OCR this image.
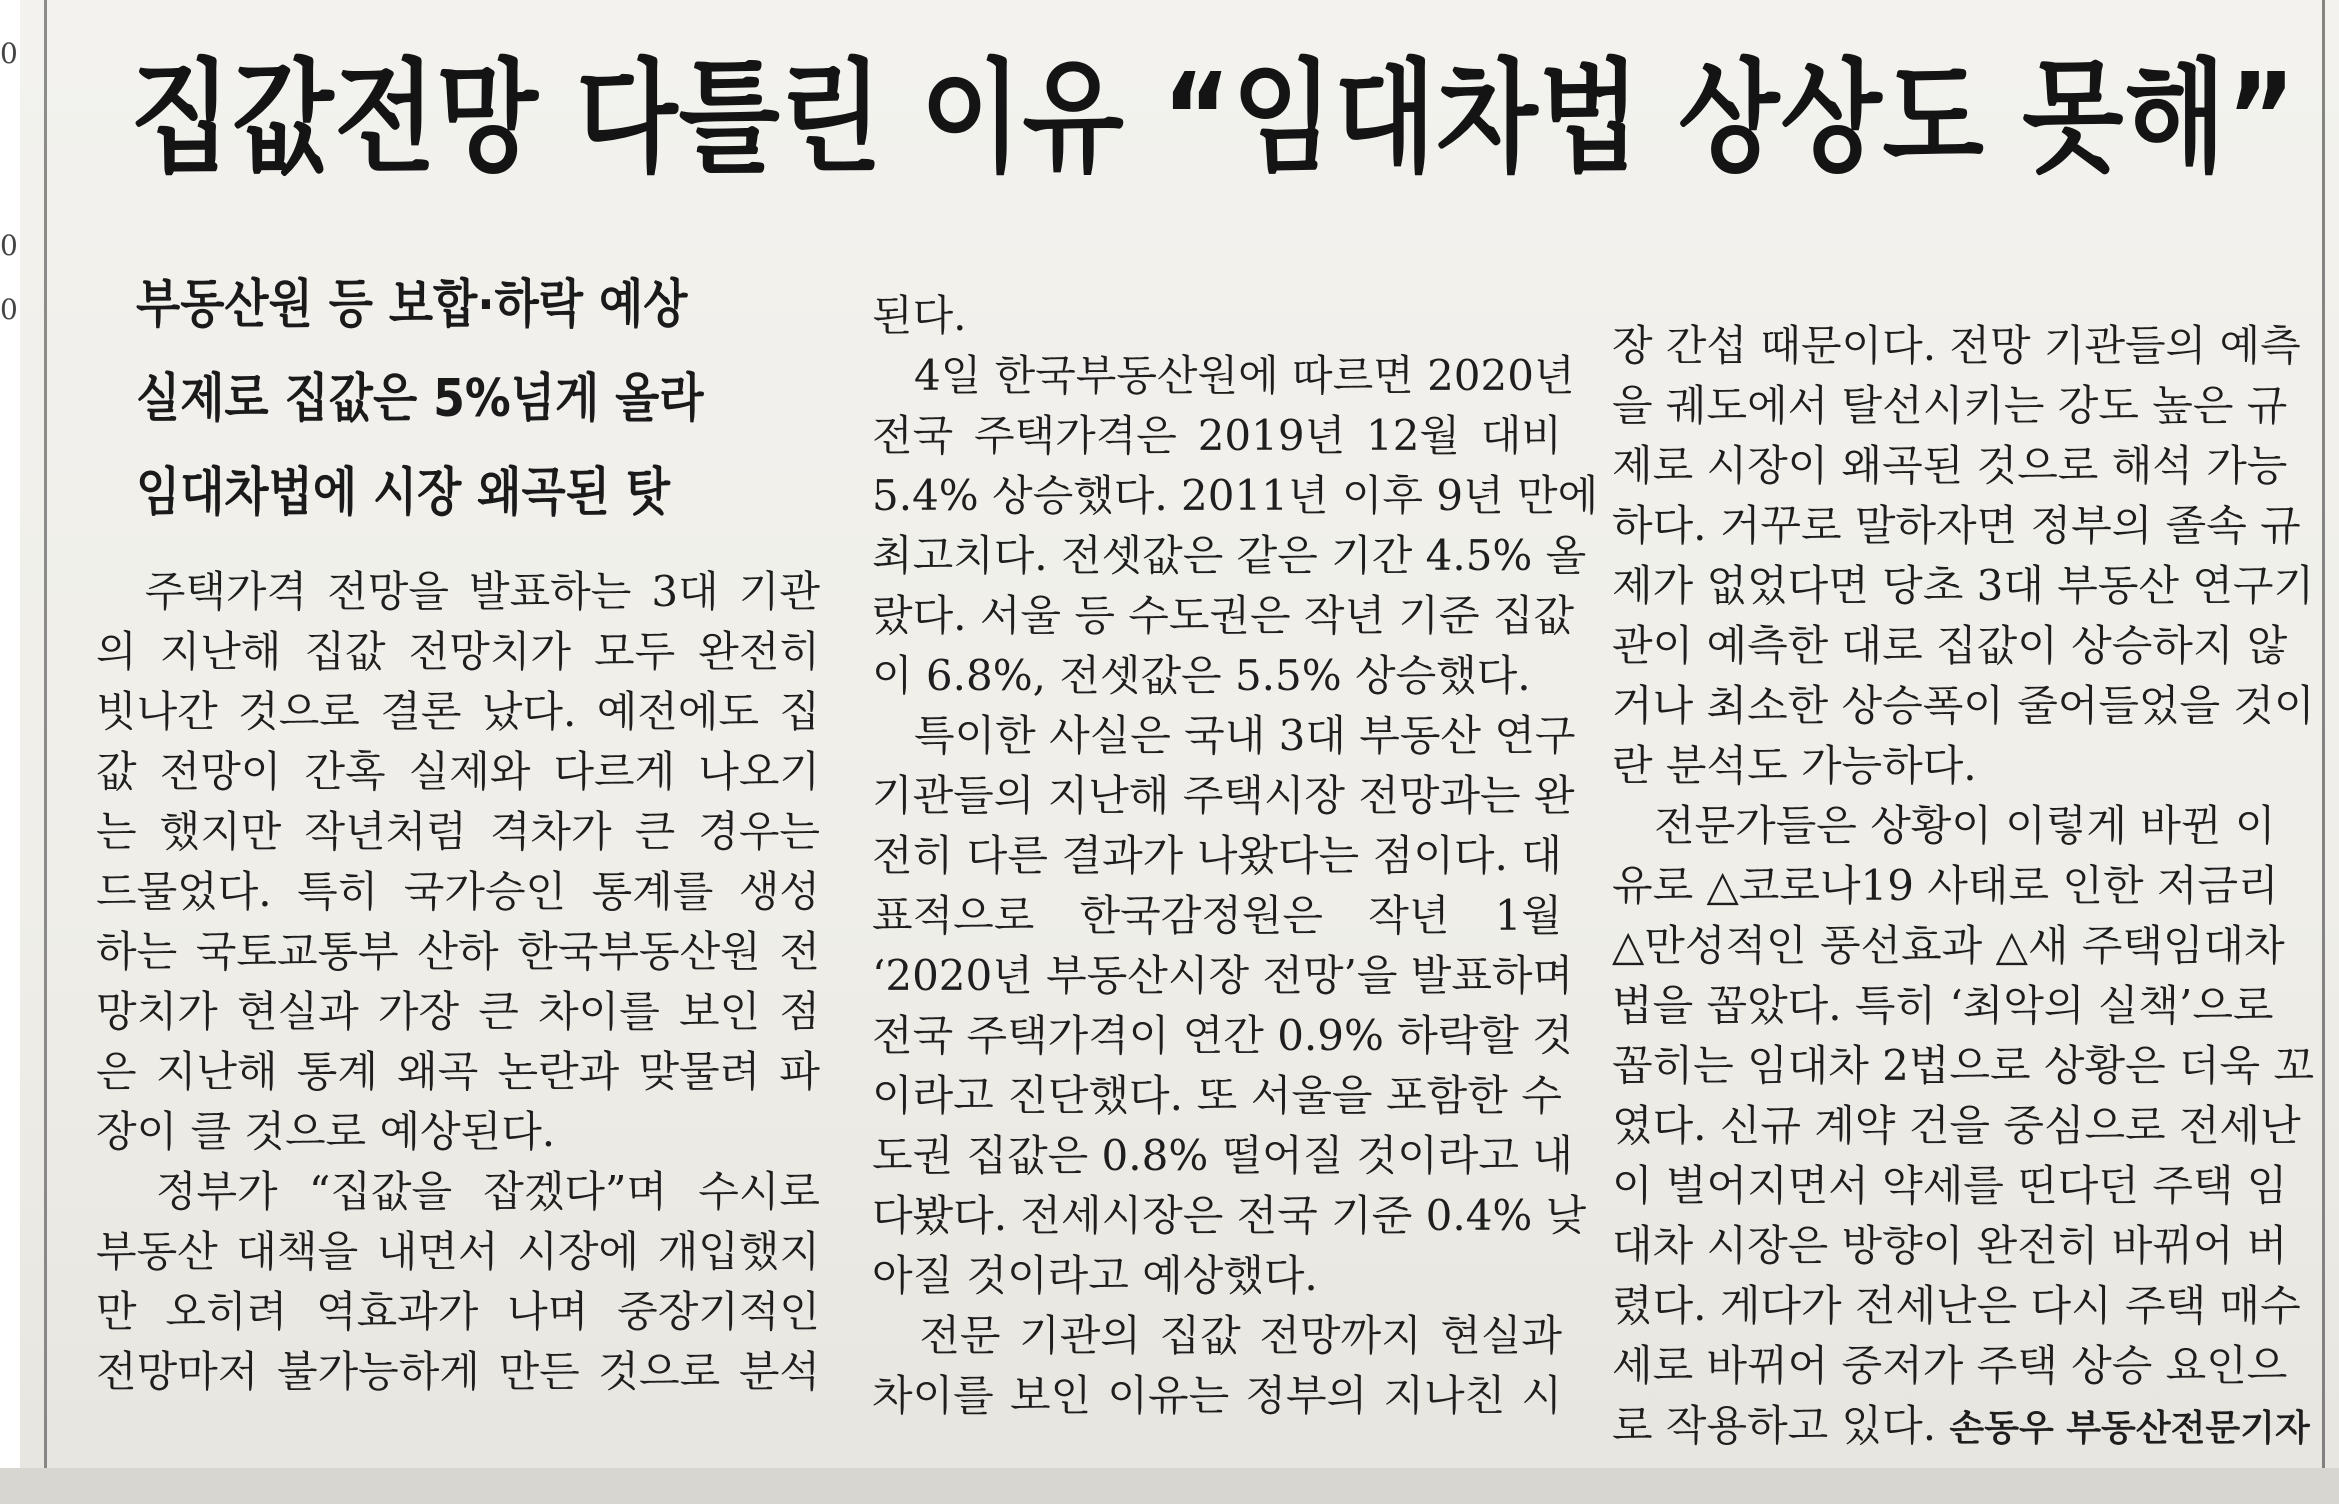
0
0
0
집값전망 다틀린 이유 “임대차법 상상도 못해”
부동산원 등 보합·하락 예상
실제로 집값은 5%넘게 올라
임대차법에 시장 왜곡된 탓
　주택가격 전망을 발표하는 3대 기관
의 지난해 집값 전망치가 모두 완전히
빗나간 것으로 결론 났다. 예전에도 집
값 전망이 간혹 실제와 다르게 나오기
는 했지만 작년처럼 격차가 큰 경우는
드물었다. 특히 국가승인 통계를 생성
하는 국토교통부 산하 한국부동산원 전
망치가 현실과 가장 큰 차이를 보인 점
은 지난해 통계 왜곡 논란과 맞물려 파
장이 클 것으로 예상된다.
　정부가 “집값을 잡겠다”며 수시로
부동산 대책을 내면서 시장에 개입했지
만 오히려 역효과가 나며 중장기적인
전망마저 불가능하게 만든 것으로 분석
된다.
　4일 한국부동산원에 따르면 2020년
전국 주택가격은 2019년 12월 대비
5.4% 상승했다. 2011년 이후 9년 만에
최고치다. 전셋값은 같은 기간 4.5% 올
랐다. 서울 등 수도권은 작년 기준 집값
이 6.8%, 전셋값은 5.5% 상승했다.
　특이한 사실은 국내 3대 부동산 연구
기관들의 지난해 주택시장 전망과는 완
전히 다른 결과가 나왔다는 점이다. 대
표적으로 한국감정원은 작년 1월
‘2020년 부동산시장 전망’을 발표하며
전국 주택가격이 연간 0.9% 하락할 것
이라고 진단했다. 또 서울을 포함한 수
도권 집값은 0.8% 떨어질 것이라고 내
다봤다. 전세시장은 전국 기준 0.4% 낮
아질 것이라고 예상했다.
　전문 기관의 집값 전망까지 현실과
차이를 보인 이유는 정부의 지나친 시
장 간섭 때문이다. 전망 기관들의 예측
을 궤도에서 탈선시키는 강도 높은 규
제로 시장이 왜곡된 것으로 해석 가능
하다. 거꾸로 말하자면 정부의 졸속 규
제가 없었다면 당초 3대 부동산 연구기
관이 예측한 대로 집값이 상승하지 않
거나 최소한 상승폭이 줄어들었을 것이
란 분석도 가능하다.
　전문가들은 상황이 이렇게 바뀐 이
유로 △코로나19 사태로 인한 저금리
△만성적인 풍선효과 △새 주택임대차
법을 꼽았다. 특히 ‘최악의 실책’으로
꼽히는 임대차 2법으로 상황은 더욱 꼬
였다. 신규 계약 건을 중심으로 전세난
이 벌어지면서 약세를 띤다던 주택 임
대차 시장은 방향이 완전히 바뀌어 버
렸다. 게다가 전세난은 다시 주택 매수
세로 바뀌어 중저가 주택 상승 요인으
로 작용하고 있다. 손동우 부동산전문기자
